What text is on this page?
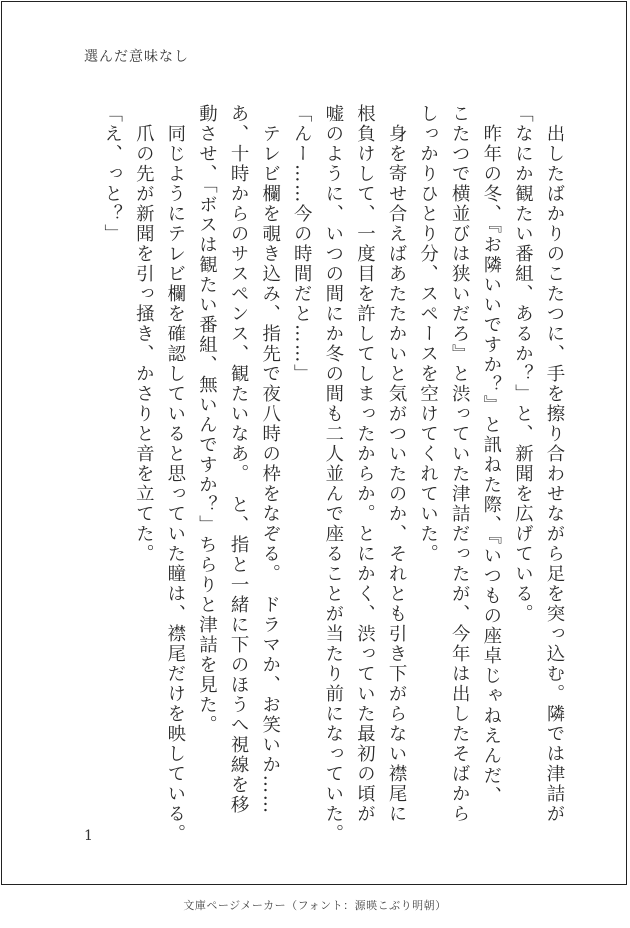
選んだ意味なし

　出したばかりのこたつに、手を擦り合わせながら足を突っ込む。隣では津詰が

「なにか観たい番組、あるか？」と、新聞を広げている。

　昨年の冬、『お隣いいですか？』と訊ねた際、『いつもの座卓じゃねえんだ、

こたつで横並びは狭いだろ』と渋っていた津詰だったが、今年は出したそばから

しっかりひとり分、スペースを空けてくれていた。

　身を寄せ合えばあたたかいと気がついたのか、それとも引き下がらない襟尾に

根負けして、一度目を許してしまったからか。とにかく、渋っていた最初の頃が

嘘のように、いつの間にか冬の間も二人並んで座ることが当たり前になっていた。

「んー……今の時間だと……」

　テレビ欄を覗き込み、指先で夜八時の枠をなぞる。　ドラマか、お笑いか……

あ、十時からのサスペンス、観たいなあ。　と、指と一緒に下のほうへ視線を移

動させ、「ボスは観たい番組、無いんですか？」ちらりと津詰を見た。

　同じようにテレビ欄を確認していると思っていた瞳は、襟尾だけを映している。

　爪の先が新聞を引っ掻き、かさりと音を立てた。

「え、っと？」

1
文庫ページメーカー（フォント：源暎こぶり明朝）
